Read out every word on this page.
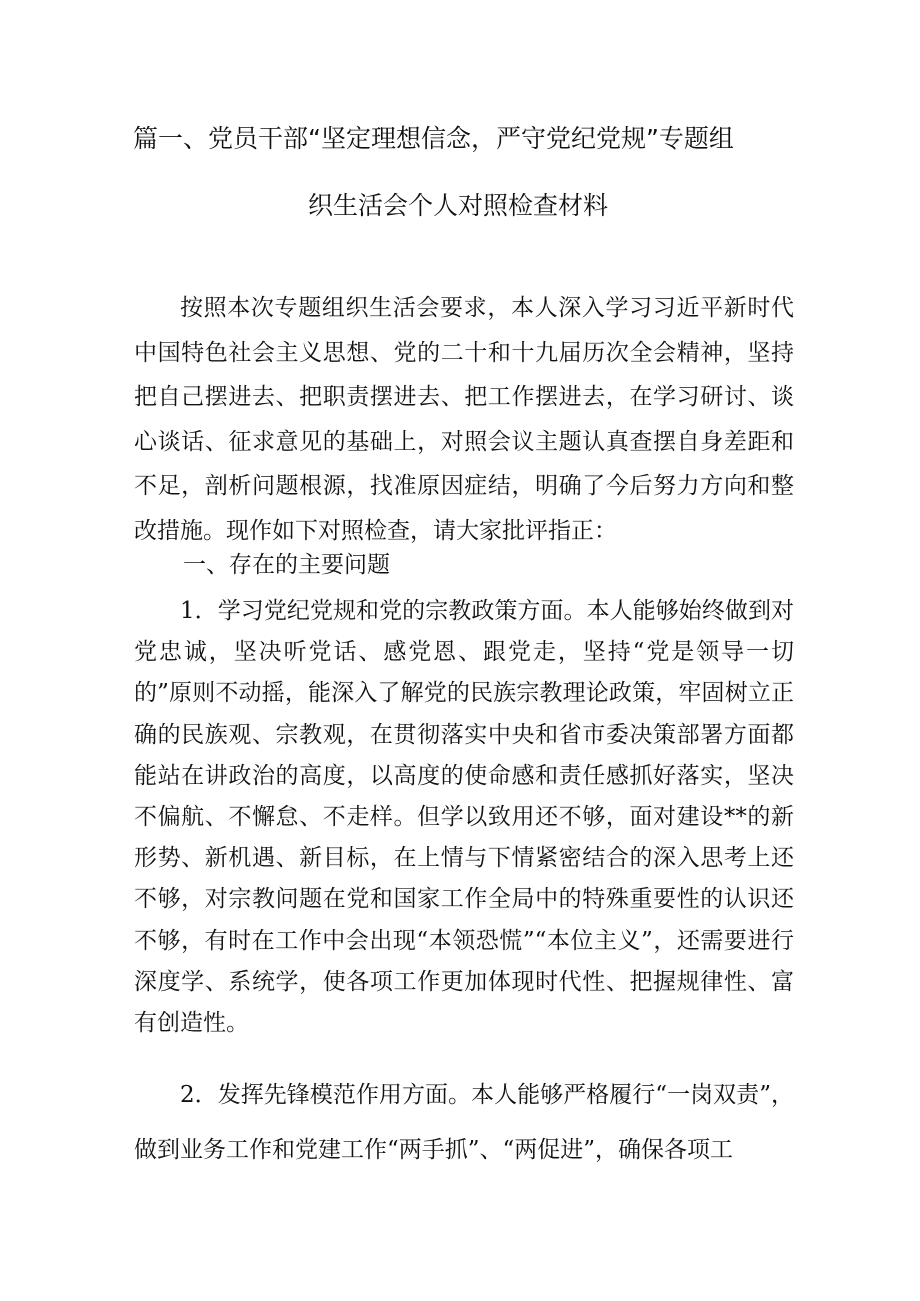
篇一、党员干部“坚定理想信念，严守党纪党规”专题组
织生活会个人对照检查材料

按照本次专题组织生活会要求，本人深入学习习近平新时代中国特色社会主义思想、党的二十和十九届历次全会精神，坚持把自己摆进去、把职责摆进去、把工作摆进去，在学习研讨、谈心谈话、征求意见的基础上，对照会议主题认真查摆自身差距和不足，剖析问题根源，找准原因症结，明确了今后努力方向和整改措施。现作如下对照检查，请大家批评指正：

一、存在的主要问题

1．学习党纪党规和党的宗教政策方面。本人能够始终做到对党忠诚，坚决听党话、感党恩、跟党走，坚持“党是领导一切的”原则不动摇，能深入了解党的民族宗教理论政策，牢固树立正确的民族观、宗教观，在贯彻落实中央和省市委决策部署方面都能站在讲政治的高度，以高度的使命感和责任感抓好落实，坚决不偏航、不懈怠、不走样。但学以致用还不够，面对建设**的新形势、新机遇、新目标，在上情与下情紧密结合的深入思考上还不够，对宗教问题在党和国家工作全局中的特殊重要性的认识还不够，有时在工作中会出现“本领恐慌”“本位主义”，还需要进行深度学、系统学，使各项工作更加体现时代性、把握规律性、富有创造性。

2．发挥先锋模范作用方面。本人能够严格履行“一岗双责”，做到业务工作和党建工作“两手抓”、“两促进”，确保各项工
